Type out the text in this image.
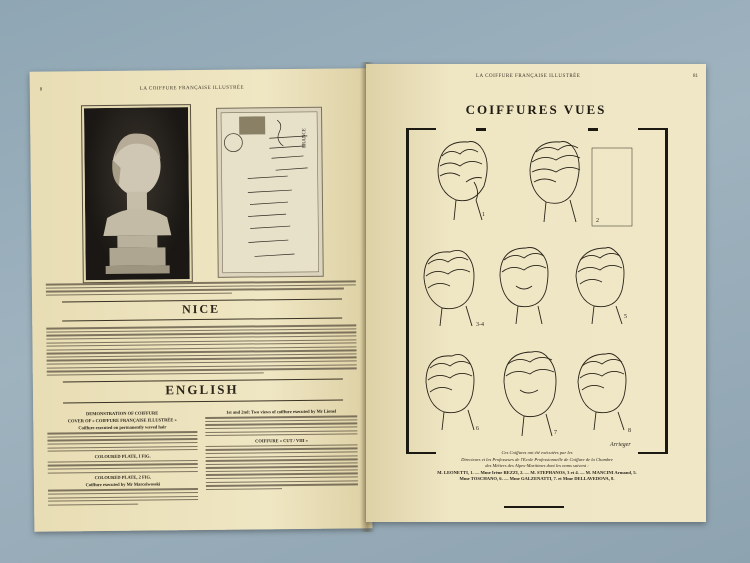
8	LA COIFFURE FRANÇAISE ILLUSTRÉE
FRANCE
NICE
ENGLISH
DEMONSTRATION OF COIFFURE
COVER OF « COIFFURE FRANÇAISE ILLUSTRÉE »
Coiffure executed on permanently waved hair
COLOURED PLATE, I FIG.
COLOURED PLATE, 2 FIG.
Coiffure executed by Mr Marcelwosski
1st and 2nd: Two views of coiffure executed by Mr Lionel
COIFFURE « CUT / VIII »
LA COIFFURE FRANÇAISE ILLUSTRÉE	81
COIFFURES VUES
1
2
3-4
5
6
7	8
Arrieger
Ces Coiffures ont été exécutées par les
Directeurs et les Professeurs de l'Ecole Professionnelle de Coiffure de la Chambre
des Métiers des Alpes-Maritimes dont les noms suivent :
M. LEONETTI, 1. — Mme Irène REZZI, 2. — M. STEPHANOS, 3 et 4. — M. MANCINI Armand, 5.
Mme TOSCHANO, 6. — Mme GALZENATTI, 7. et Mme DELLAVEDOVA, 8.
